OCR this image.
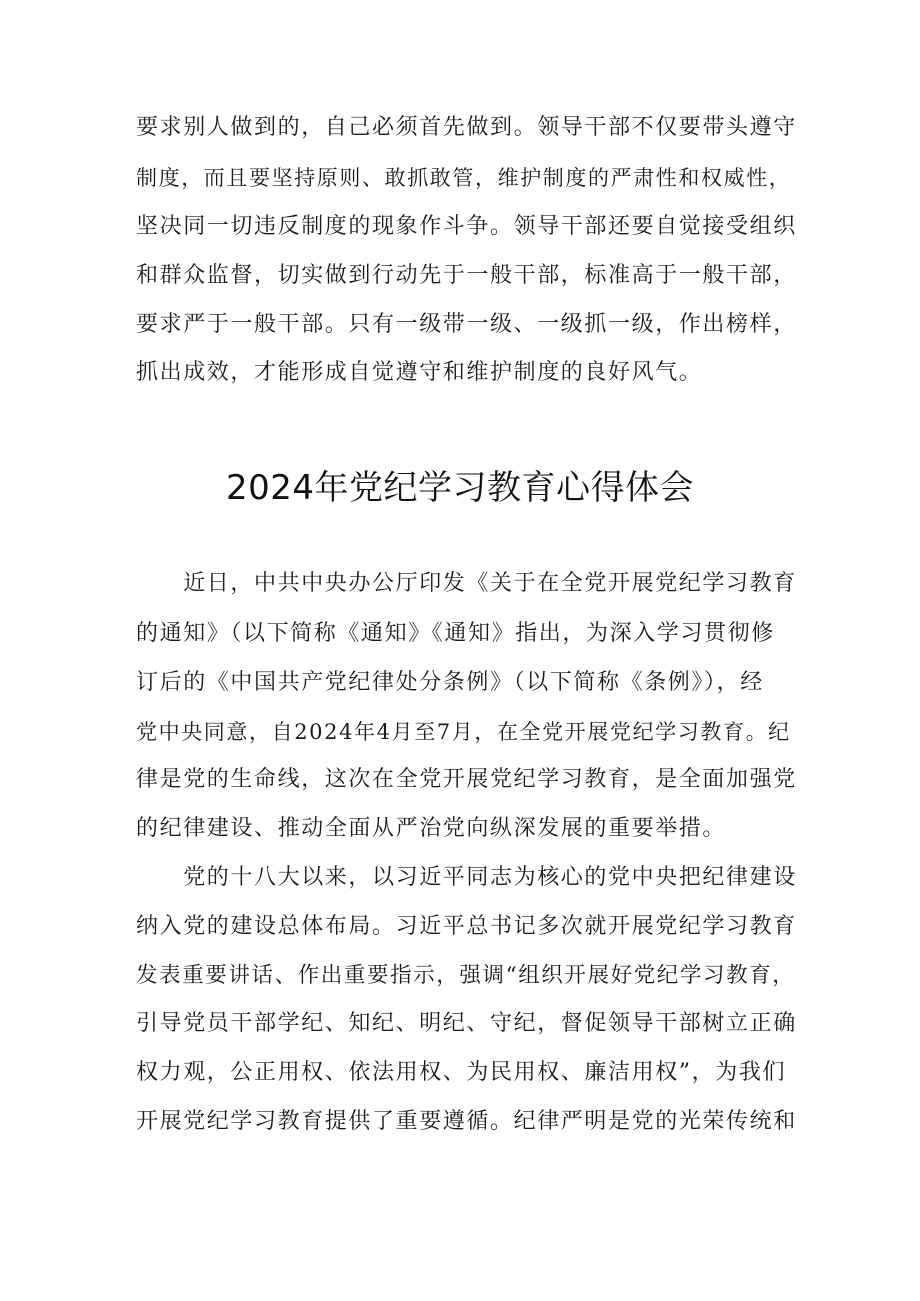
要求别人做到的，自己必须首先做到。领导干部不仅要带头遵守
制度，而且要坚持原则、敢抓敢管，维护制度的严肃性和权威性，
坚决同一切违反制度的现象作斗争。领导干部还要自觉接受组织
和群众监督，切实做到行动先于一般干部，标准高于一般干部，
要求严于一般干部。只有一级带一级、一级抓一级，作出榜样，
抓出成效，才能形成自觉遵守和维护制度的良好风气。
2024年党纪学习教育心得体会
　　近日，中共中央办公厅印发《关于在全党开展党纪学习教育
的通知》（以下简称《通知》《通知》指出，为深入学习贯彻修
订后的《中国共产党纪律处分条例》（以下简称《条例》），经
党中央同意，自2024年4月至7月，在全党开展党纪学习教育。纪
律是党的生命线，这次在全党开展党纪学习教育，是全面加强党
的纪律建设、推动全面从严治党向纵深发展的重要举措。
　　党的十八大以来，以习近平同志为核心的党中央把纪律建设
纳入党的建设总体布局。习近平总书记多次就开展党纪学习教育
发表重要讲话、作出重要指示，强调“组织开展好党纪学习教育，
引导党员干部学纪、知纪、明纪、守纪，督促领导干部树立正确
权力观，公正用权、依法用权、为民用权、廉洁用权”，为我们
开展党纪学习教育提供了重要遵循。纪律严明是党的光荣传统和
